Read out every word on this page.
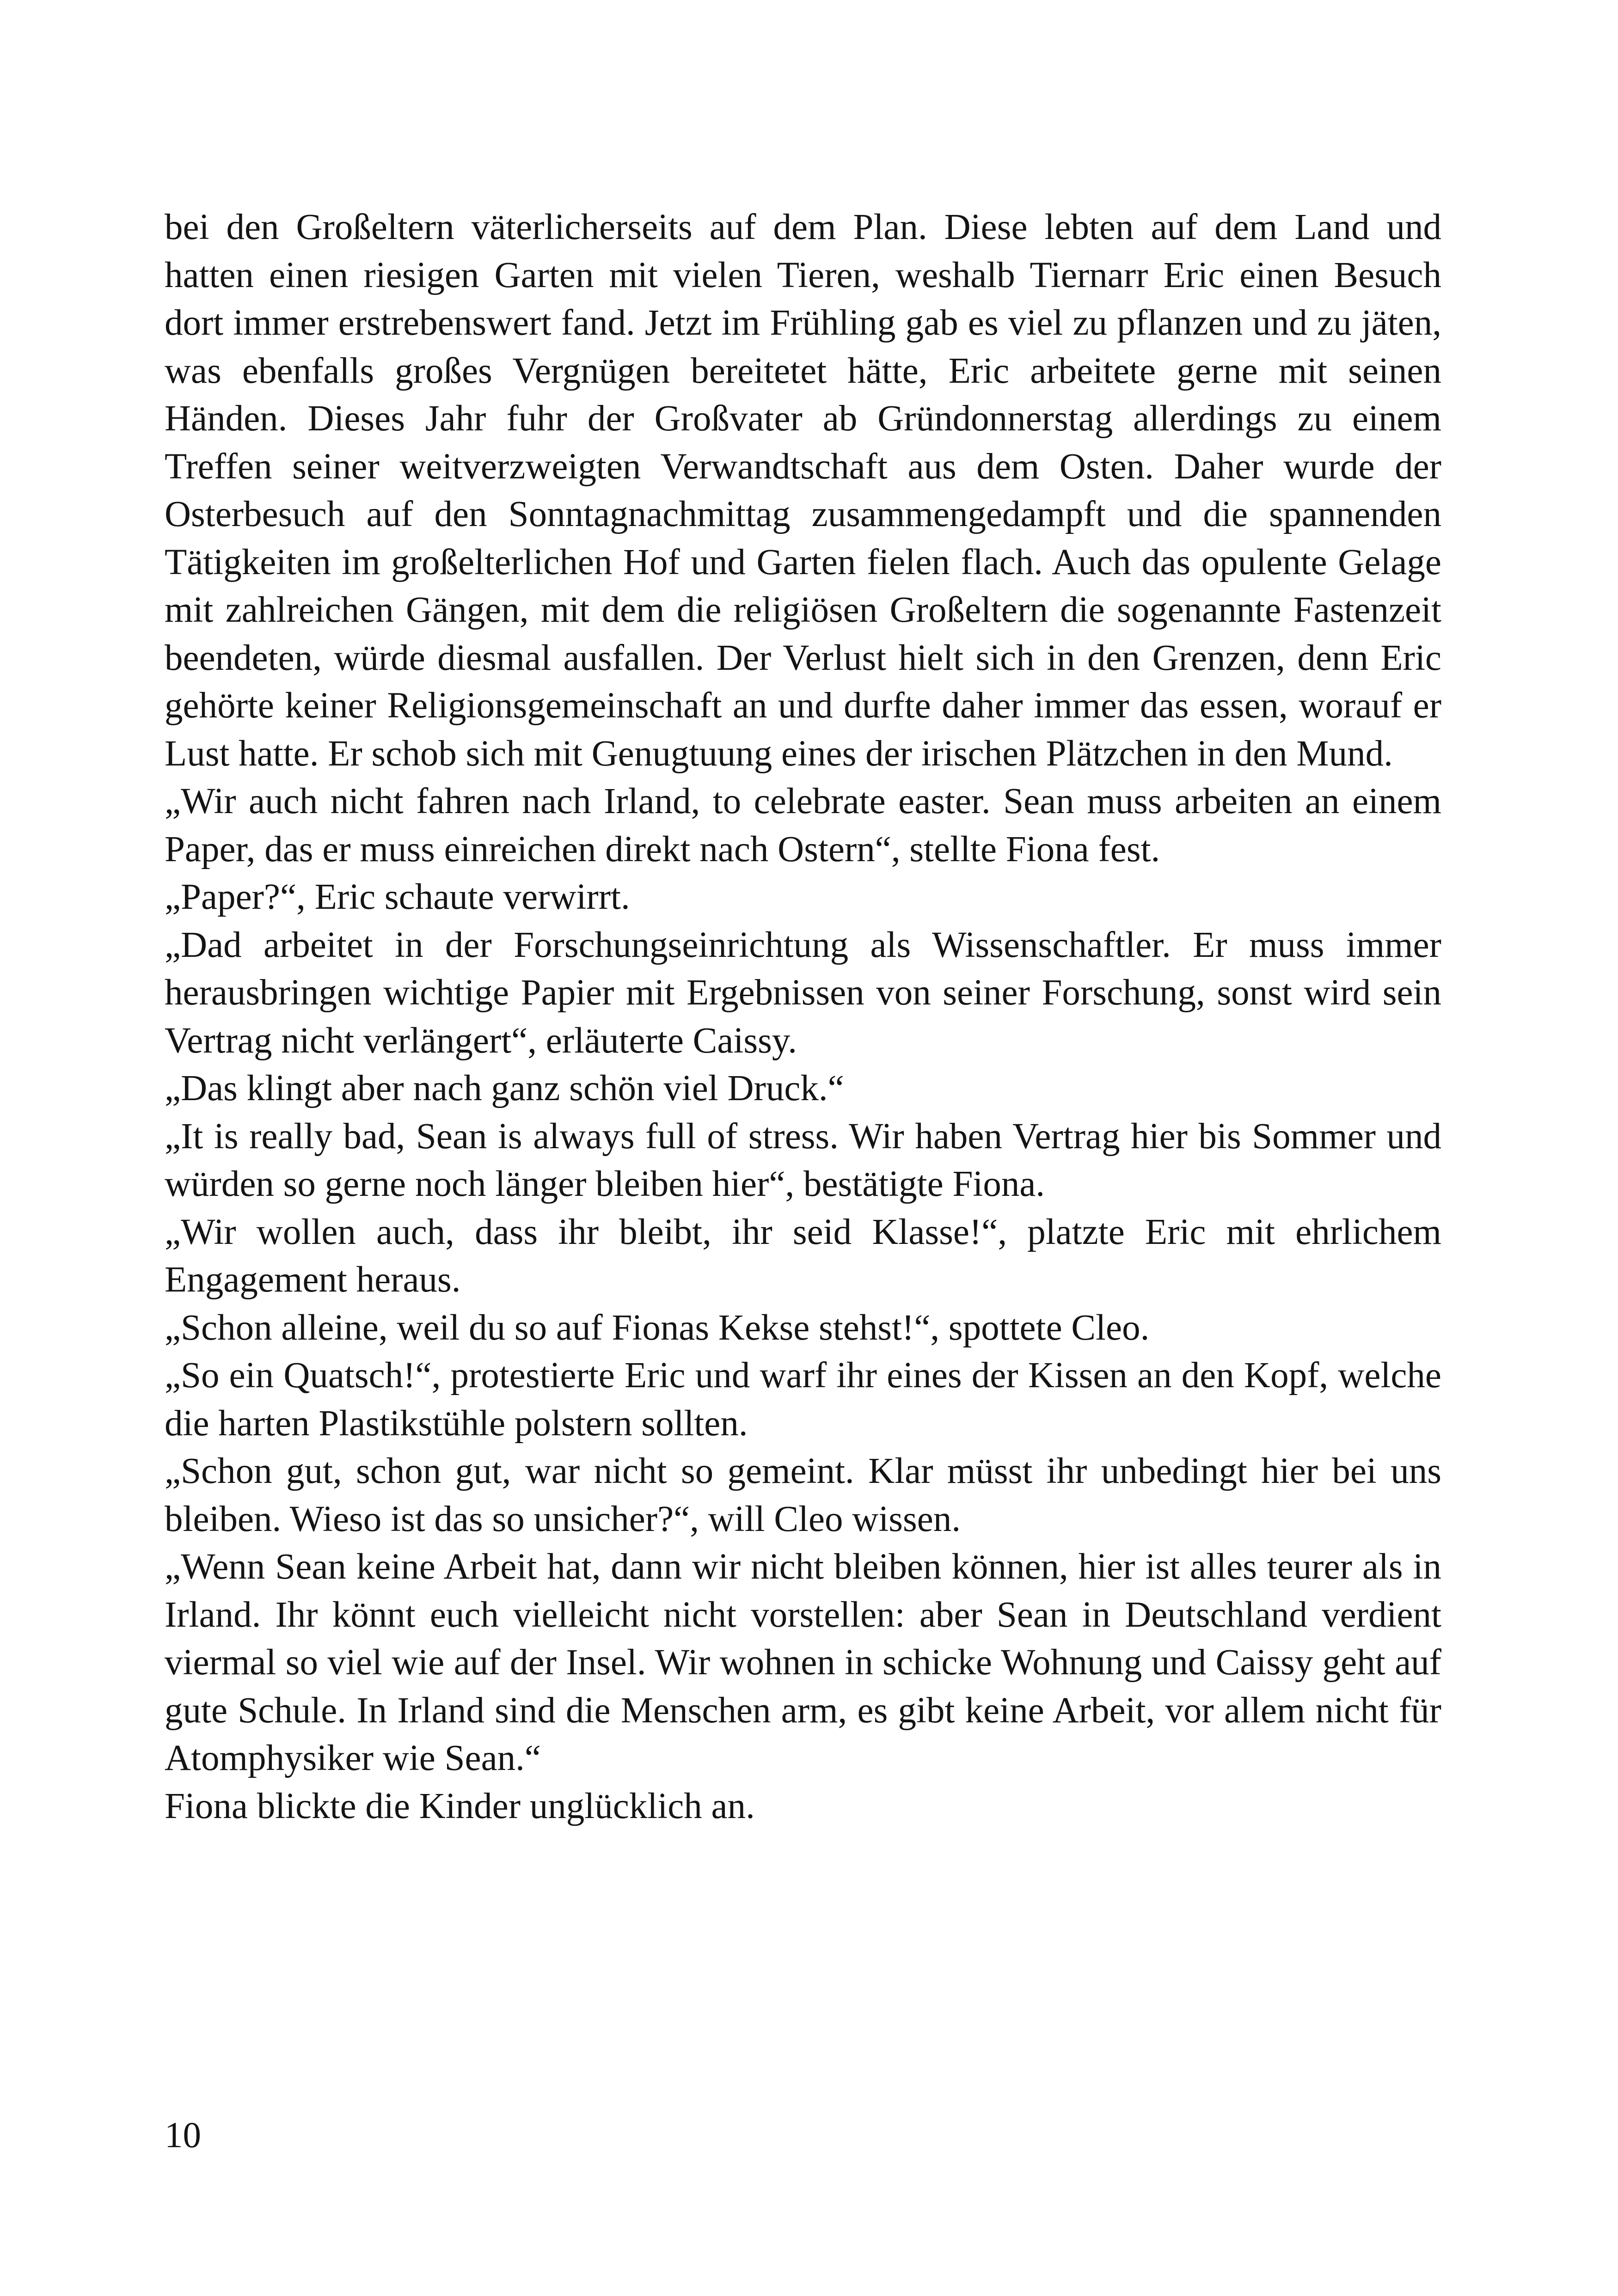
bei den Großeltern väterlicherseits auf dem Plan. Diese lebten auf dem Land und hatten einen riesigen Garten mit vielen Tieren, weshalb Tiernarr Eric einen Besuch dort immer erstrebenswert fand. Jetzt im Frühling gab es viel zu pflanzen und zu jäten, was ebenfalls großes Vergnügen bereitetet hätte, Eric arbeitete gerne mit seinen Händen. Dieses Jahr fuhr der Großvater ab Gründonnerstag allerdings zu einem Treffen seiner weitverzweigten Verwandtschaft aus dem Osten. Daher wurde der Osterbesuch auf den Sonntagnachmittag zusammengedampft und die spannenden Tätigkeiten im großelterlichen Hof und Garten fielen flach. Auch das opulente Gelage mit zahlreichen Gängen, mit dem die religiösen Großeltern die sogenannte Fastenzeit beendeten, würde diesmal ausfallen. Der Verlust hielt sich in den Grenzen, denn Eric gehörte keiner Religionsgemeinschaft an und durfte daher immer das essen, worauf er Lust hatte. Er schob sich mit Genugtuung eines der irischen Plätzchen in den Mund.

„Wir auch nicht fahren nach Irland, to celebrate easter. Sean muss arbeiten an einem Paper, das er muss einreichen direkt nach Ostern“, stellte Fiona fest.

„Paper?“, Eric schaute verwirrt.

„Dad arbeitet in der Forschungseinrichtung als Wissenschaftler. Er muss immer herausbringen wichtige Papier mit Ergebnissen von seiner Forschung, sonst wird sein Vertrag nicht verlängert“, erläuterte Caissy.

„Das klingt aber nach ganz schön viel Druck.“

„It is really bad, Sean is always full of stress. Wir haben Vertrag hier bis Sommer und würden so gerne noch länger bleiben hier“, bestätigte Fiona.

„Wir wollen auch, dass ihr bleibt, ihr seid Klasse!“, platzte Eric mit ehrlichem Engagement heraus.

„Schon alleine, weil du so auf Fionas Kekse stehst!“, spottete Cleo.

„So ein Quatsch!“, protestierte Eric und warf ihr eines der Kissen an den Kopf, welche die harten Plastikstühle polstern sollten.

„Schon gut, schon gut, war nicht so gemeint. Klar müsst ihr unbedingt hier bei uns bleiben. Wieso ist das so unsicher?“, will Cleo wissen.

„Wenn Sean keine Arbeit hat, dann wir nicht bleiben können, hier ist alles teurer als in Irland. Ihr könnt euch vielleicht nicht vorstellen: aber Sean in Deutschland verdient viermal so viel wie auf der Insel. Wir wohnen in schicke Wohnung und Caissy geht auf gute Schule. In Irland sind die Menschen arm, es gibt keine Arbeit, vor allem nicht für Atomphysiker wie Sean.“

Fiona blickte die Kinder unglücklich an.

10
